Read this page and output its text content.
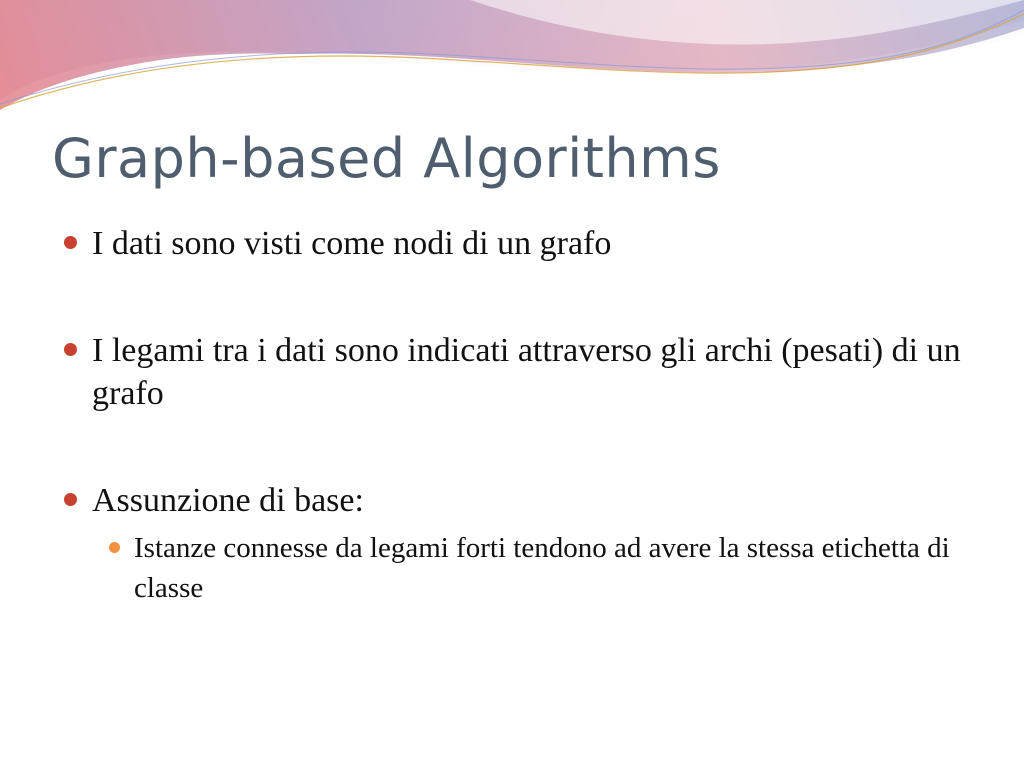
Graph-based Algorithms
I dati sono visti come nodi di un grafo
I legami tra i dati sono indicati attraverso gli archi (pesati) di un grafo
Assunzione di base:
Istanze connesse da legami forti tendono ad avere la stessa etichetta di classe
